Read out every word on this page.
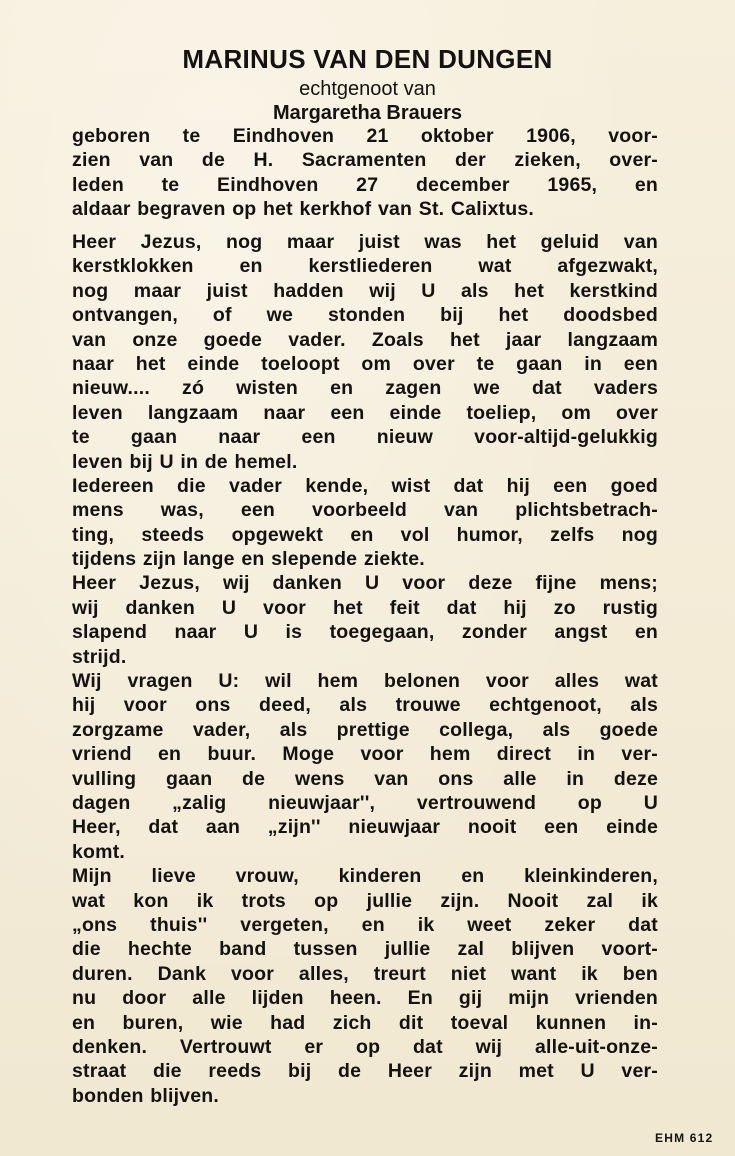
MARINUS VAN DEN DUNGEN
echtgenoot van
Margaretha Brauers
geboren te Eindhoven 21 oktober 1906, voor-
zien van de H. Sacramenten der zieken, over-
leden te Eindhoven 27 december 1965, en
aldaar begraven op het kerkhof van St. Calixtus.
Heer Jezus, nog maar juist was het geluid van
kerstklokken en kerstliederen wat afgezwakt,
nog maar juist hadden wij U als het kerstkind
ontvangen, of we stonden bij het doodsbed
van onze goede vader. Zoals het jaar langzaam
naar het einde toeloopt om over te gaan in een
nieuw.... zó wisten en zagen we dat vaders
leven langzaam naar een einde toeliep, om over
te gaan naar een nieuw voor-altijd-gelukkig
leven bij U in de hemel.
Iedereen die vader kende, wist dat hij een goed
mens was, een voorbeeld van plichtsbetrach-
ting, steeds opgewekt en vol humor, zelfs nog
tijdens zijn lange en slepende ziekte.
Heer Jezus, wij danken U voor deze fijne mens;
wij danken U voor het feit dat hij zo rustig
slapend naar U is toegegaan, zonder angst en
strijd.
Wij vragen U: wil hem belonen voor alles wat
hij voor ons deed, als trouwe echtgenoot, als
zorgzame vader, als prettige collega, als goede
vriend en buur. Moge voor hem direct in ver-
vulling gaan de wens van ons alle in deze
dagen „zalig nieuwjaar'', vertrouwend op U
Heer, dat aan „zijn'' nieuwjaar nooit een einde
komt.
Mijn lieve vrouw, kinderen en kleinkinderen,
wat kon ik trots op jullie zijn. Nooit zal ik
„ons thuis'' vergeten, en ik weet zeker dat
die hechte band tussen jullie zal blijven voort-
duren. Dank voor alles, treurt niet want ik ben
nu door alle lijden heen. En gij mijn vrienden
en buren, wie had zich dit toeval kunnen in-
denken. Vertrouwt er op dat wij alle-uit-onze-
straat die reeds bij de Heer zijn met U ver-
bonden blijven.
EHM 612
